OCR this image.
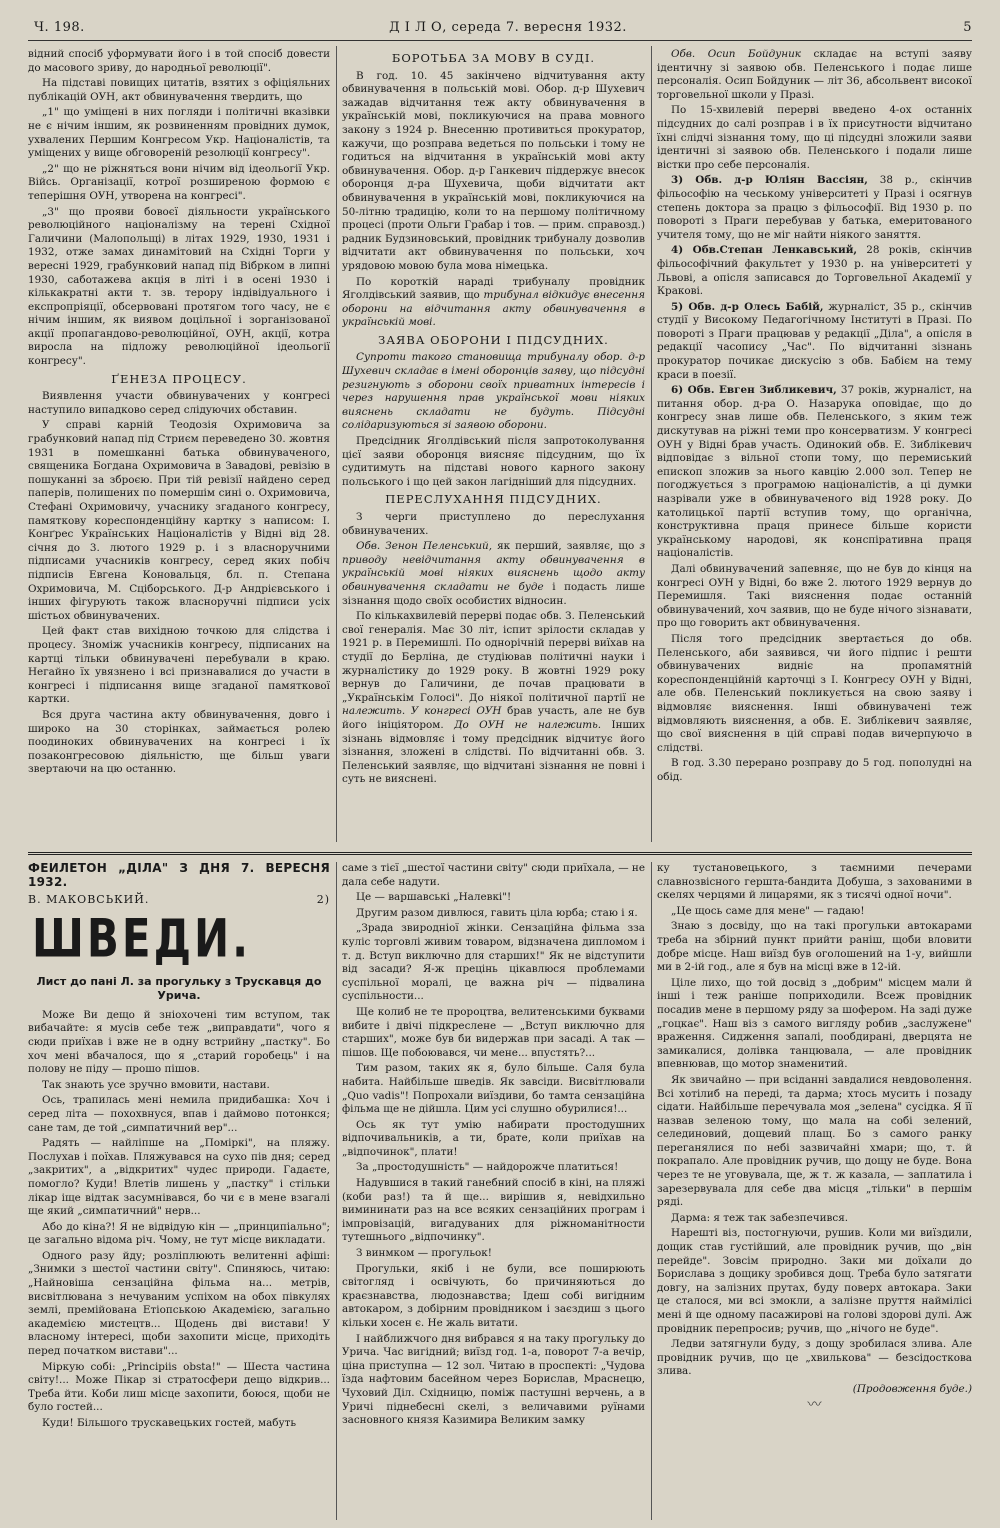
Ч. 198.	Д І Л О, середа 7. вересня 1932.	5

відний спосіб уформувати його і в той спосіб довести до масового зриву, до народньої революції".

На підставі повищих цитатів, взятих з офіціяльних публікацій ОУН, акт обвинувачення твердить, що

„1" що уміщені в них погляди і політичні вказівки не є нічим іншим, як розвиненням провідних думок, ухвалених Першим Конгресом Укр. Націоналістів, та уміщених у вище обговореній резолюції конгресу".

„2" що не ріжняться вони нічим від ідеольогії Укр. Війсь. Організації, котрої розширеною формою є теперішня ОУН, утворена на конгресі".

„3" що прояви бовоєї діяльности українського революційного націоналізму на терені Східної Галичини (Малопольщі) в літах 1929, 1930, 1931 і 1932, отже замах динамітовий на Східні Торги у вересні 1929, грабунковий напад під Вібрком в липні 1930, саботажева акція в літі і в осені 1930 і кількакратні акти т. зв. терору індівідуального і експропріяції, обсервовані протягом того часу, не є нічим іншим, як виявом доцільної і зорганізованої акції пропагандово-революційної, ОУН, акції, котра виросла на підложу революційної ідеольогії конгресу".

ҐЕНЕЗА ПРОЦЕСУ.

Виявлення участи обвинувачених у конгресі наступило випадково серед слідуючих обставин.

У справі карній Теодозія Охримовича за грабунковий напад під Стриєм переведено 30. жовтня 1931 в помешканні батька обвинуваченого, священика Богдана Охримовича в Завадові, ревізію в пошуканні за зброєю. При тій ревізії найдено серед паперів, полишених по помершім сині о. Охримовича, Стефані Охримовичу, учасникy згаданого конгресу, памяткову кореспонденційну картку з написом: І. Конґрес Українських Націоналістів у Відні від 28. січня до 3. лютого 1929 р. і з власноручними підписами учасників конгресу, серед яких побіч підписів Евгена Коновальця, бл. п. Степана Охримовича, М. Сціборського. Д-р Андрієвського і інших фігурують також власноручні підписи усіх шістьох обвинувачених.

Цей факт став вихідною точкою для слідства і процесу. Зноміж учасників конгресу, підписаних на картці тільки обвинувачені перебували в краю. Негайно їх увязнено і всі признавалися до участи в конгресі і підписання вище згаданої памяткової картки.

Вся друга частина акту обвинувачення, довго і широко на 30 сторінках, займається ролею поодиноких обвинувачених на конгресі і їх позаконгресовою діяльністю, ще більш уваги звертаючи на цю останню.

БОРОТЬБА ЗА МОВУ В СУДІ.

В год. 10. 45 закінчено відчитування акту обвинувачення в польській мові. Обор. д-р Шухевич зажадав відчитання теж акту обвинувачення в українській мові, покликуючися на права мовного закону з 1924 р. Внесенню противиться прокуратор, кажучи, що розправа ведеться по польськи і тому не годиться на відчитання в українській мові акту обвинувачення. Обор. д-р Ганкевич піддержує внесок оборонця д-ра Шухевича, щоби відчитати акт обвинувачення в українській мові, покликуючися на 50-літню традицію, коли то на першому політичному процесі (проти Ольги Грабар і тов. — прим. справозд.) радник Будзиновський, провідник трибуналу дозволив відчитати акт обвинувачення по польськи, хоч урядовою мовою була мова німецька.

По короткій нараді трибуналу провідник Яголдівський заявив, що трибунал відкидує внесення оборони на відчитання акту обвинувачення в українській мові.

ЗАЯВА ОБОРОНИ І ПІДСУДНИХ.

Супроти такого становища трибуналу обор. д-р Шухевич складає в імені оборонців заяву, що підсудні резигнують з оборони своїх приватних інтересів і через нарушення прав української мови ніяких вияснень складати не будуть. Підсудні солідаризуються зі заявою оборони.

Предсідник Яголдівський після запротоколування цієї заяви оборонця виясняє підсудним, що їх судитимуть на підставі нового карного закону польського і що цей закон лагідніший для підсудних.

ПЕРЕСЛУХАННЯ ПІДСУДНИХ.

З черги приступлено до переслухання обвинувачених.

Обв. Зенон Пеленський, як перший, заявляє, що з приводу невідчитання акту обвинувачення в українській мові ніяких вияснень щодо акту обвинувачення складати не буде і подасть лише зізнання щодо своїх особистих відносин.

По кількахвилевій перерві подає обв. З. Пеленський свої генералія. Має 30 літ, іспит зрілости складав у 1921 р. в Перемишлі. По однорічній перерві виїхав на студії до Берліна, де студіював політичні науки і журналістику до 1929 року. В жовтні 1929 року вернув до Галичини, де почав працювати в „Українськім Голосі". До ніякої політичної партії не належить. У конгресі ОУН брав участь, але не був його ініціятором. До ОУН не належить. Інших зізнань відмовляє і тому предсідник відчитує його зізнання, зложені в слідстві. По відчитанні обв. З. Пеленський заявляє, що відчитані зізнання не повні і суть не вияснені.

Обв. Осип Бойдуник складає на вступі заяву ідентичну зі заявою обв. Пеленського і подає лише персоналія. Осип Бойдуник — літ 36, абсольвент високої торговельної школи у Празі.

По 15-хвилевій перерві введено 4-ох останніх підсудних до салі розправ і в їх присутности відчитано їхні слідчі зізнання тому, що ці підсудні зложили заяви ідентичні зі заявою обв. Пеленського і подали лише вістки про себе персоналія.

3) Обв. д-р Юліян Вассіян, 38 р., скінчив фільософію на чеському університеті у Празі і осягнув степень доктора за працю з фільософії. Від 1930 р. по повороті з Праги перебував у батька, емеритованого учителя тому, що не міг найти ніякого заняття.

4) Обв.Степан Ленкавський, 28 років, скінчив фільософічний факультет у 1930 р. на університеті у Львові, а опісля записався до Торговельної Академії у Кракові.

5) Обв. д-р Олесь Бабій, журналіст, 35 р., скінчив студії у Високому Педагогічному Інституті в Празі. По повороті з Праги працював у редакції „Діла", а опісля в редакції часопису „Час". По відчитанні зізнань прокуратор почикає дискусію з обв. Бабієм на тему краси в поезії.

6) Обв. Евген Зибликевич, 37 років, журналіст, на питання обор. д-ра О. Назарука оповідає, що до конгресу знав лише обв. Пеленського, з яким теж дискутував на ріжні теми про консерватизм. У конгресі ОУН у Відні брав участь. Одинокий обв. Е. Зиблікевич відповідає з вільної стопи тому, що перемиський епископ зложив за нього кавцію 2.000 зол. Тепер не погоджується з програмою націоналістів, а ці думки назрівали уже в обвинуваченого від 1928 року. До католицької партії вступив тому, що органічна, конструктивна праця принесе більше користи українському народові, як конспіративна праця націоналістів.

Далі обвинувачений запевняє, що не був до кінця на конгресі ОУН у Відні, бо вже 2. лютого 1929 вернув до Перемишля. Такі вияснення подає останній обвинувачений, хоч заявив, що не буде нічого зізнавати, про що говорить акт обвинувачення.

Після того предсідник звертається до обв. Пеленського, аби заявився, чи його підпис і решти обвинувачених видніє на пропамятній кореспонденційній карточці з І. Конгресу ОУН у Відні, але обв. Пеленський покликується на свою заяву і відмовляє вияснення. Інші обвинувачені теж відмовляють вияснення, а обв. Е. Зиблікевич заявляє, що свої вияснення в цій справі подав вичерпуючо в слідстві.

В год. 3.30 перерано розправу до 5 год. пополудні на обід.

ФЕЙЛЕТОН „ДІЛА" З ДНЯ 7. ВЕРЕСНЯ 1932.
В. МАКОВСЬКИЙ.	2)
ШВЕДИ.
Лист до пані Л. за прогульку з Трускавця до Урича.

Може Ви дещо й зніохочені тим вступом, так вибачайте: я мусів себе теж „виправдати", чого я сюди приїхав і вже не в одну встрийну „пастку". Бо хоч мені вбачалося, що я „старий горобець" і на полову не піду — прошо пішов.

Так знають усе зручно вмовити, настави.

Ось, трапилась мені немила придибашка: Хоч і серед літа — похохвнуся, впав і даймово потонкся; сане там, де той „симпатичний вер"...

Радять — найліпше на „Поміркі", на пляжу. Послухав і поїхав. Пляжувався на сухо пів дня; серед „закритих", а „відкритих" чудес природи. Гадаєте, помогло? Куди! Влетів лишень у „пастку" і стільки лікар іще відтак засумнівався, бо чи є в мене взагалі ще який „симпатичний" нерв...

Або до кіна?! Я не відвідую кін — „принципіально"; це загально відома річ. Чому, не тут місце викладати.

Одного разу йду; розліплюють велитенні афіші: „Знимки з шестої частини світу". Спиняюсь, читаю: „Найновіша сензаційна фільма на... метрів, висвітлювана з нечуваним успіхом на обох півкулях землі, премійована Етіопською Академією, загально академією мистецтв... Щодень дві вистави! У власному інтересі, щоби захопити місце, приходіть перед початком вистави"...

Міркую собі: „Principiis obsta!" — Шеста частина світу!... Може Пікар зі стратосфери дещо відкрив... Треба йти. Коби лиш місце захопити, боюся, щоби не було гостей...

Куди! Більшого трускавецьких гостей, мабуть

саме з тієї „шестої частини світу" сюди приїхала, — не дала себе надути.

Це — варшавські „Налевкі"!

Другим разом дивлюся, гавить ціла юрба; стаю і я.

„Зрада звиродніої жінки. Сензаційна фільма зза куліс торговлі живим товаром, відзначена дипломом і т. д. Вступ виключно для старших!" Як не відступити від засади? Я-ж прецінь цікавлюся проблемами суспільної моралі, це важна річ — підвалина суспільности...

Ще колиб не те пророцтва, велитенськими буквами вибите і двічі підкреслене — „Вступ виключно для старших", може був би видержав при засаді. А так — пішов. Ще побоювався, чи мене... впустять?...

Тим разом, таких як я, було більше. Саля була набита. Найбільше шведів. Як завсіди. Висвітлювали „Quo vadis"! Попрохали виїздиви, бо тамта сензаційна фільма ще не дійшла. Цим усі слушно обурилися!...

Ось як тут умію набирати простодушних відпочивальників, а ти, брате, коли приїхав на „відпочинок", плати!

За „простодушність" — найдорожче платиться!

Надувшися в такий ганебний спосіб в кіні, на пляжі (коби раз!) та й ще... вирішив я, невідхильно вимининати раз на все всяких сензаційних програм і імпровізацій, вигадуваних для ріжноманітности тутешнього „відпочинку".

З винмком — прогульок!

Прогульки, якіб і не були, все поширюють світогляд і освічують, бо причиняються до краєзнавства, людознавства; Ідеш собі вигідним автокаром, з добірним провідником і заєздиш з цього кільки хосен є. Не жаль витати.

І найближчого дня вибрався я на таку прогульку до Урича. Час вигідний; виїзд год. 1-а, поворот 7-а вечір, ціна приступна — 12 зол. Читаю в проспекті: „Чудова їзда нафтовим басейном через Борислав, Мраснецю, Чуховий Діл. Східницю, поміж пастушні верчень, а в Уричі піднебесні скелі, з величавими руїнами засновного князя Казимира Великим замку

ку тустановецького, з таємними печерами славнозвісного гершта-бандита Добуша, з захованими в скелях черцями й лицарями, як з тисячі одної ночи".

„Це щось саме для мене" — гадаю!

Знаю з досвіду, що на такі прогульки автокарами треба на збірний пункт прийти раніш, щоби вловити добре місце. Наш виїзд був оголошений на 1-у, вийшли ми в 2-ій год., але я був на місці вже в 12-ій.

Ціле лихо, що той досвід з „добрим" місцем мали й інші і теж раніше поприходили. Всеж провідник посадив мене в першому ряду за шофером. На заді дуже „гоцкає". Наш віз з самого вигляду робив „заслужене" враження. Сидження запалі, пообдирані, дверцята не замикалися, долівка танцювала, — але провідник впевнював, що мотор знаменитий.

Як звичайно — при всіданні завдалися невдоволення. Всі хотілиб на переді, та дарма; хтось мусить і позаду сідати. Найбільше перечувала моя „зелена" сусідка. Я її назвав зеленою тому, що мала на собі зелений, селединовий, дощевий плащ. Бо з самого ранку переганялися по небі зазвичайні хмари; що, т. й покрапало. Але провідник ручив, що дощу не буде. Вона через те не уговувала, ще, ж т. ж казала, — заплатила і зарезервувала для себе два місця „тільки" в першім ряді.

Дарма: я теж так забезпечився.

Нарешті віз, постогнуючи, рушив. Коли ми виїздили, дощик став густійший, але провідник ручив, що „він перейде". Зовсім природно. Заки ми доїхали до Борислава з дощику зробився дощ. Треба було затягати довгу, на залізних прутах, буду поверх автокара. Заки це сталося, ми всі змокли, а залізне пруття наймілісі мені й ще одному пасажирові на голові здорові дулі. Аж провідник перепросив; ручив, що „нічого не буде".

Ледви затягнули буду, з дощу зробилася злива. Але провідник ручив, що це „хвилькова" — безсідосткова злива.

(Продовження буде.)
〰
